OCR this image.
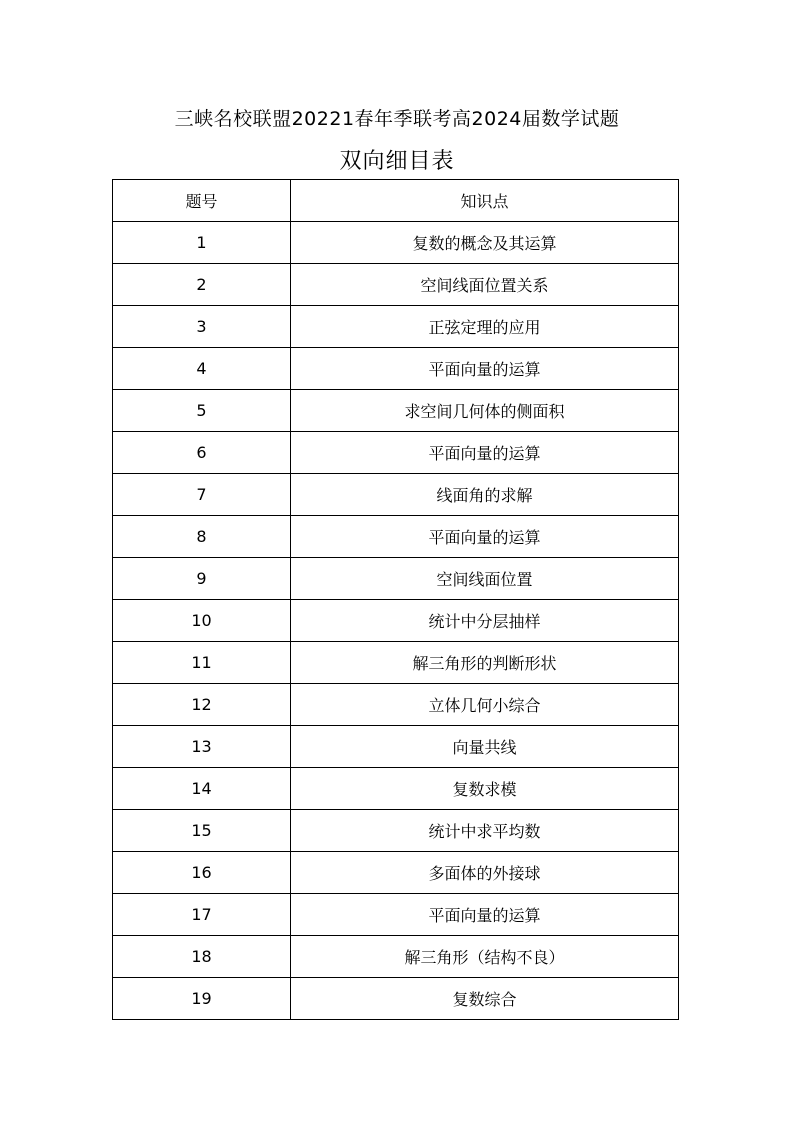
三峡名校联盟20221春年季联考高2024届数学试题
双向细目表
题号	知识点
1	复数的概念及其运算
2	空间线面位置关系
3	正弦定理的应用
4	平面向量的运算
5	求空间几何体的侧面积
6	平面向量的运算
7	线面角的求解
8	平面向量的运算
9	空间线面位置
10	统计中分层抽样
11	解三角形的判断形状
12	立体几何小综合
13	向量共线
14	复数求模
15	统计中求平均数
16	多面体的外接球
17	平面向量的运算
18	解三角形（结构不良）
19	复数综合
